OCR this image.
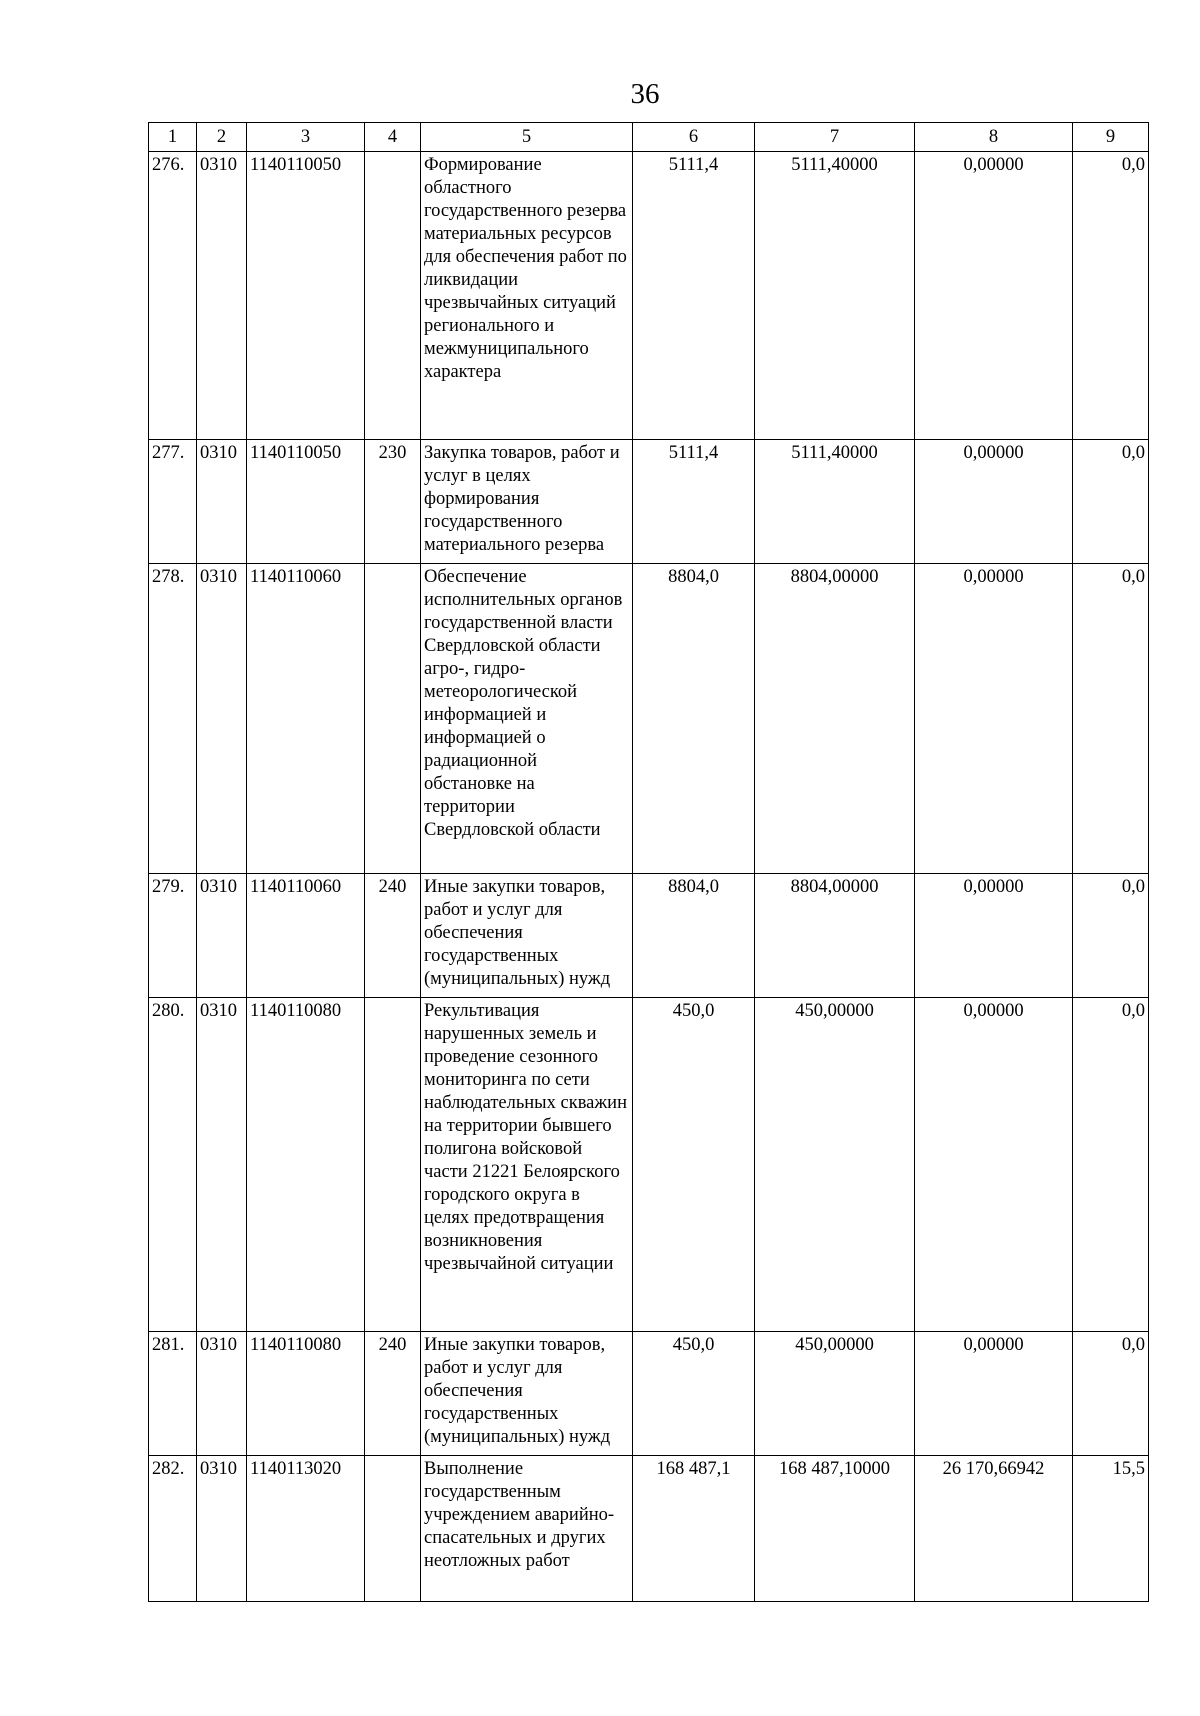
36
1	2	3	4	5	6	7	8	9
276.	0310	1140110050		Формирование областного государственного резерва материальных ресурсов для обеспечения работ по ликвидации чрезвычайных ситуаций регионального и межмуниципального характера	5111,4	5111,40000	0,00000	0,0
277.	0310	1140110050	230	Закупка товаров, работ и услуг в целях формирования государственного материального резерва	5111,4	5111,40000	0,00000	0,0
278.	0310	1140110060		Обеспечение исполнительных органов государственной власти Свердловской области агро-, гидро-метеорологической информацией и информацией о радиационной обстановке на территории Свердловской области	8804,0	8804,00000	0,00000	0,0
279.	0310	1140110060	240	Иные закупки товаров, работ и услуг для обеспечения государственных (муниципальных) нужд	8804,0	8804,00000	0,00000	0,0
280.	0310	1140110080		Рекультивация нарушенных земель и проведение сезонного мониторинга по сети наблюдательных скважин на территории бывшего полигона войсковой части 21221 Белоярского городского округа в целях предотвращения возникновения чрезвычайной ситуации	450,0	450,00000	0,00000	0,0
281.	0310	1140110080	240	Иные закупки товаров, работ и услуг для обеспечения государственных (муниципальных) нужд	450,0	450,00000	0,00000	0,0
282.	0310	1140113020		Выполнение государственным учреждением аварийно-спасательных и других неотложных работ	168 487,1	168 487,10000	26 170,66942	15,5
